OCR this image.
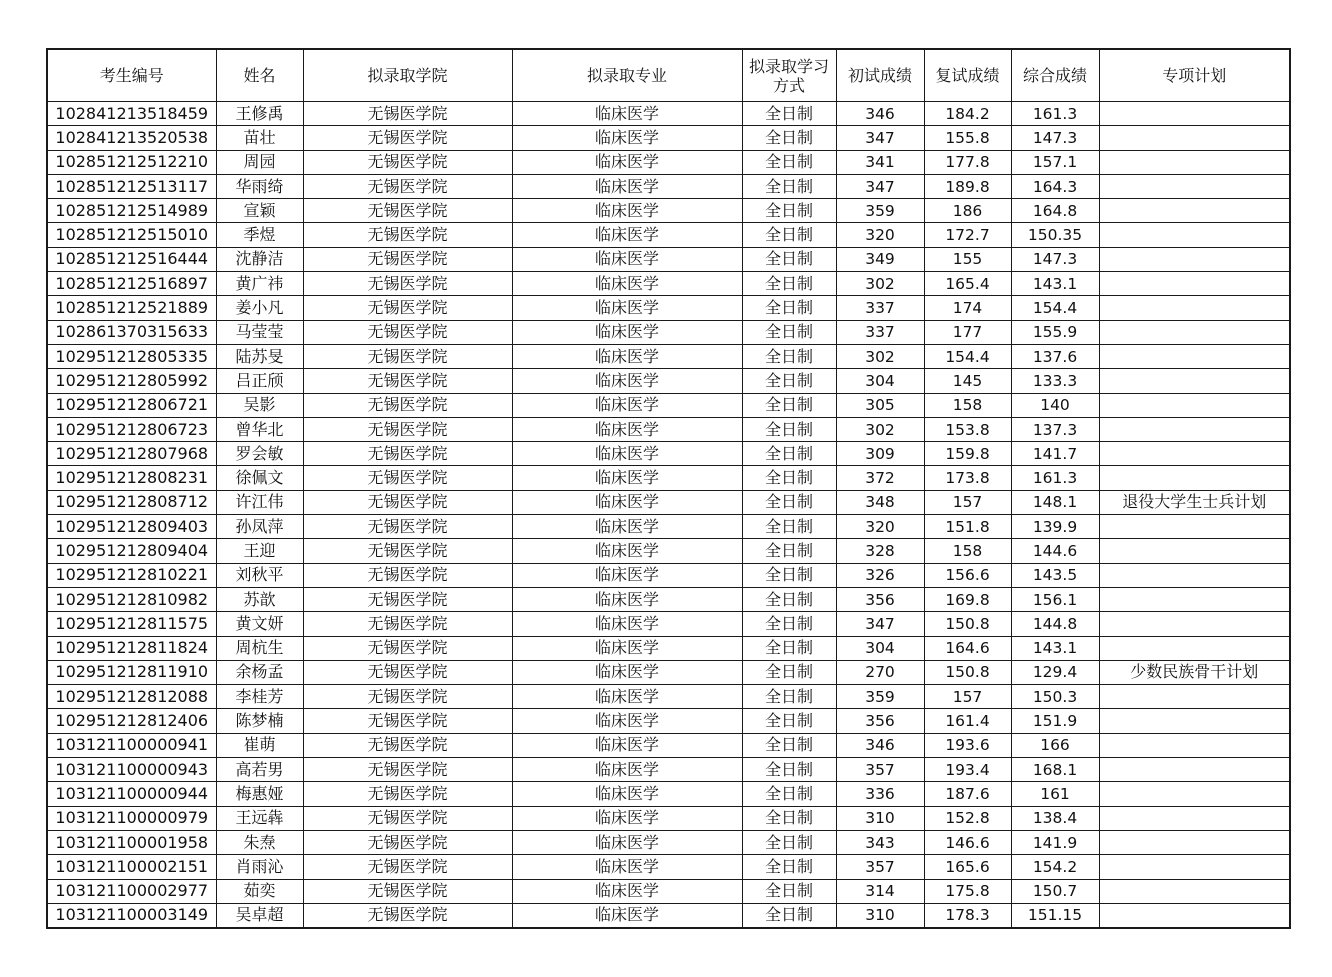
考生编号	姓名	拟录取学院	拟录取专业	拟录取学习方式	初试成绩	复试成绩	综合成绩	专项计划
102841213518459	王修禹	无锡医学院	临床医学	全日制	346	184.2	161.3	
102841213520538	苗壮	无锡医学院	临床医学	全日制	347	155.8	147.3	
102851212512210	周园	无锡医学院	临床医学	全日制	341	177.8	157.1	
102851212513117	华雨绮	无锡医学院	临床医学	全日制	347	189.8	164.3	
102851212514989	宣颖	无锡医学院	临床医学	全日制	359	186	164.8	
102851212515010	季煜	无锡医学院	临床医学	全日制	320	172.7	150.35	
102851212516444	沈静洁	无锡医学院	临床医学	全日制	349	155	147.3	
102851212516897	黄广祎	无锡医学院	临床医学	全日制	302	165.4	143.1	
102851212521889	姜小凡	无锡医学院	临床医学	全日制	337	174	154.4	
102861370315633	马莹莹	无锡医学院	临床医学	全日制	337	177	155.9	
102951212805335	陆苏旻	无锡医学院	临床医学	全日制	302	154.4	137.6	
102951212805992	吕正颀	无锡医学院	临床医学	全日制	304	145	133.3	
102951212806721	吴影	无锡医学院	临床医学	全日制	305	158	140	
102951212806723	曾华北	无锡医学院	临床医学	全日制	302	153.8	137.3	
102951212807968	罗会敏	无锡医学院	临床医学	全日制	309	159.8	141.7	
102951212808231	徐佩文	无锡医学院	临床医学	全日制	372	173.8	161.3	
102951212808712	许江伟	无锡医学院	临床医学	全日制	348	157	148.1	退役大学生士兵计划
102951212809403	孙凤萍	无锡医学院	临床医学	全日制	320	151.8	139.9	
102951212809404	王迎	无锡医学院	临床医学	全日制	328	158	144.6	
102951212810221	刘秋平	无锡医学院	临床医学	全日制	326	156.6	143.5	
102951212810982	苏歆	无锡医学院	临床医学	全日制	356	169.8	156.1	
102951212811575	黄文妍	无锡医学院	临床医学	全日制	347	150.8	144.8	
102951212811824	周杭生	无锡医学院	临床医学	全日制	304	164.6	143.1	
102951212811910	余杨孟	无锡医学院	临床医学	全日制	270	150.8	129.4	少数民族骨干计划
102951212812088	李桂芳	无锡医学院	临床医学	全日制	359	157	150.3	
102951212812406	陈梦楠	无锡医学院	临床医学	全日制	356	161.4	151.9	
103121100000941	崔萌	无锡医学院	临床医学	全日制	346	193.6	166	
103121100000943	高若男	无锡医学院	临床医学	全日制	357	193.4	168.1	
103121100000944	梅惠娅	无锡医学院	临床医学	全日制	336	187.6	161	
103121100000979	王远犇	无锡医学院	临床医学	全日制	310	152.8	138.4	
103121100001958	朱焘	无锡医学院	临床医学	全日制	343	146.6	141.9	
103121100002151	肖雨沁	无锡医学院	临床医学	全日制	357	165.6	154.2	
103121100002977	茹奕	无锡医学院	临床医学	全日制	314	175.8	150.7	
103121100003149	吴卓超	无锡医学院	临床医学	全日制	310	178.3	151.15	
